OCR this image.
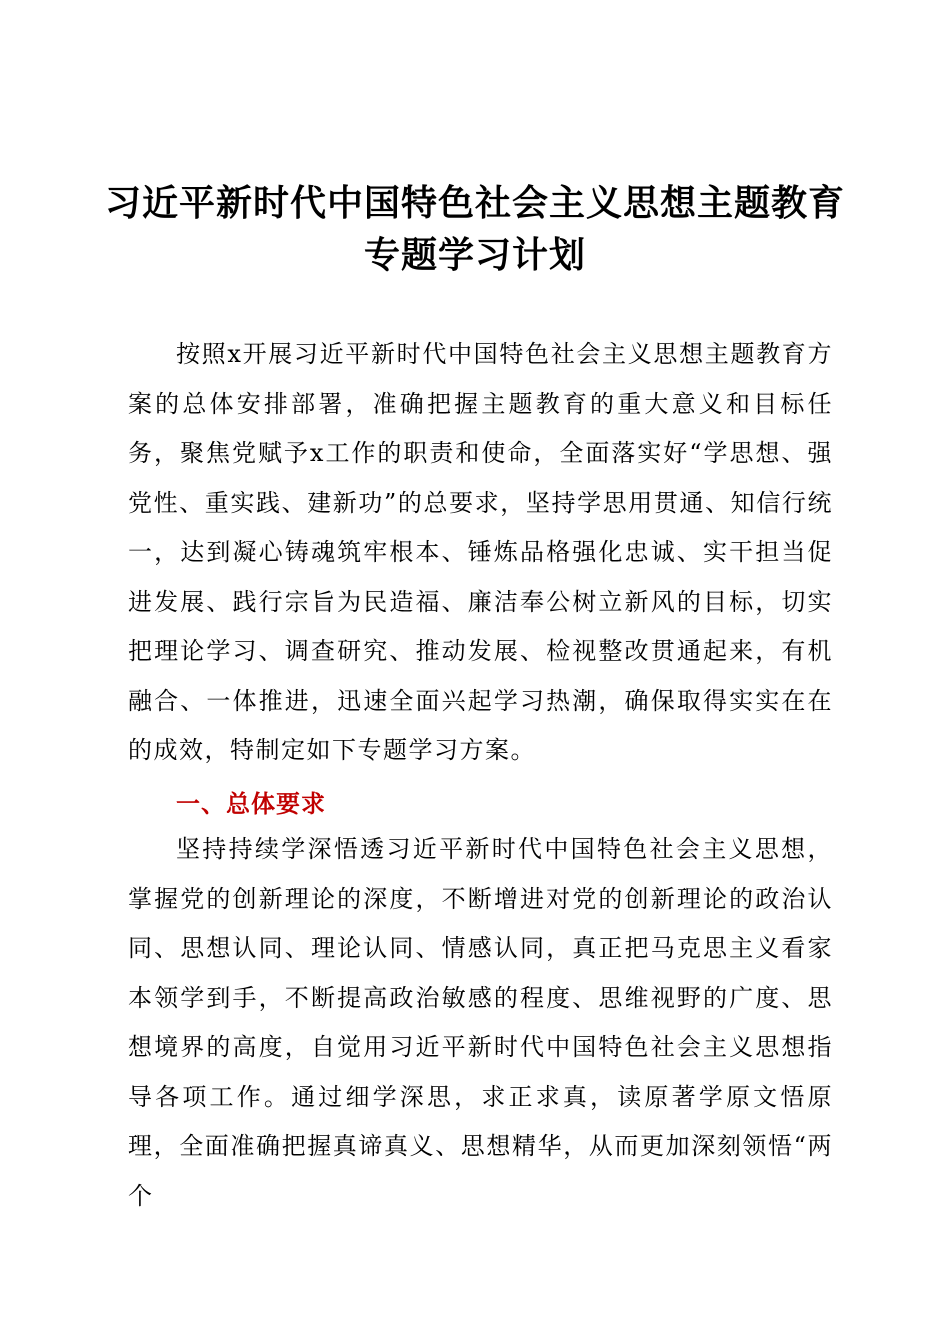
习近平新时代中国特色社会主义思想主题教育
专题学习计划

按照x开展习近平新时代中国特色社会主义思想主题教育方案的总体安排部署，准确把握主题教育的重大意义和目标任务，聚焦党赋予x工作的职责和使命，全面落实好“学思想、强党性、重实践、建新功”的总要求，坚持学思用贯通、知信行统一，达到凝心铸魂筑牢根本、锤炼品格强化忠诚、实干担当促进发展、践行宗旨为民造福、廉洁奉公树立新风的目标，切实把理论学习、调查研究、推动发展、检视整改贯通起来，有机融合、一体推进，迅速全面兴起学习热潮，确保取得实实在在的成效，特制定如下专题学习方案。

一、总体要求

坚持持续学深悟透习近平新时代中国特色社会主义思想，掌握党的创新理论的深度，不断增进对党的创新理论的政治认同、思想认同、理论认同、情感认同，真正把马克思主义看家本领学到手，不断提高政治敏感的程度、思维视野的广度、思想境界的高度，自觉用习近平新时代中国特色社会主义思想指导各项工作。通过细学深思，求正求真，读原著学原文悟原理，全面准确把握真谛真义、思想精华，从而更加深刻领悟“两个
